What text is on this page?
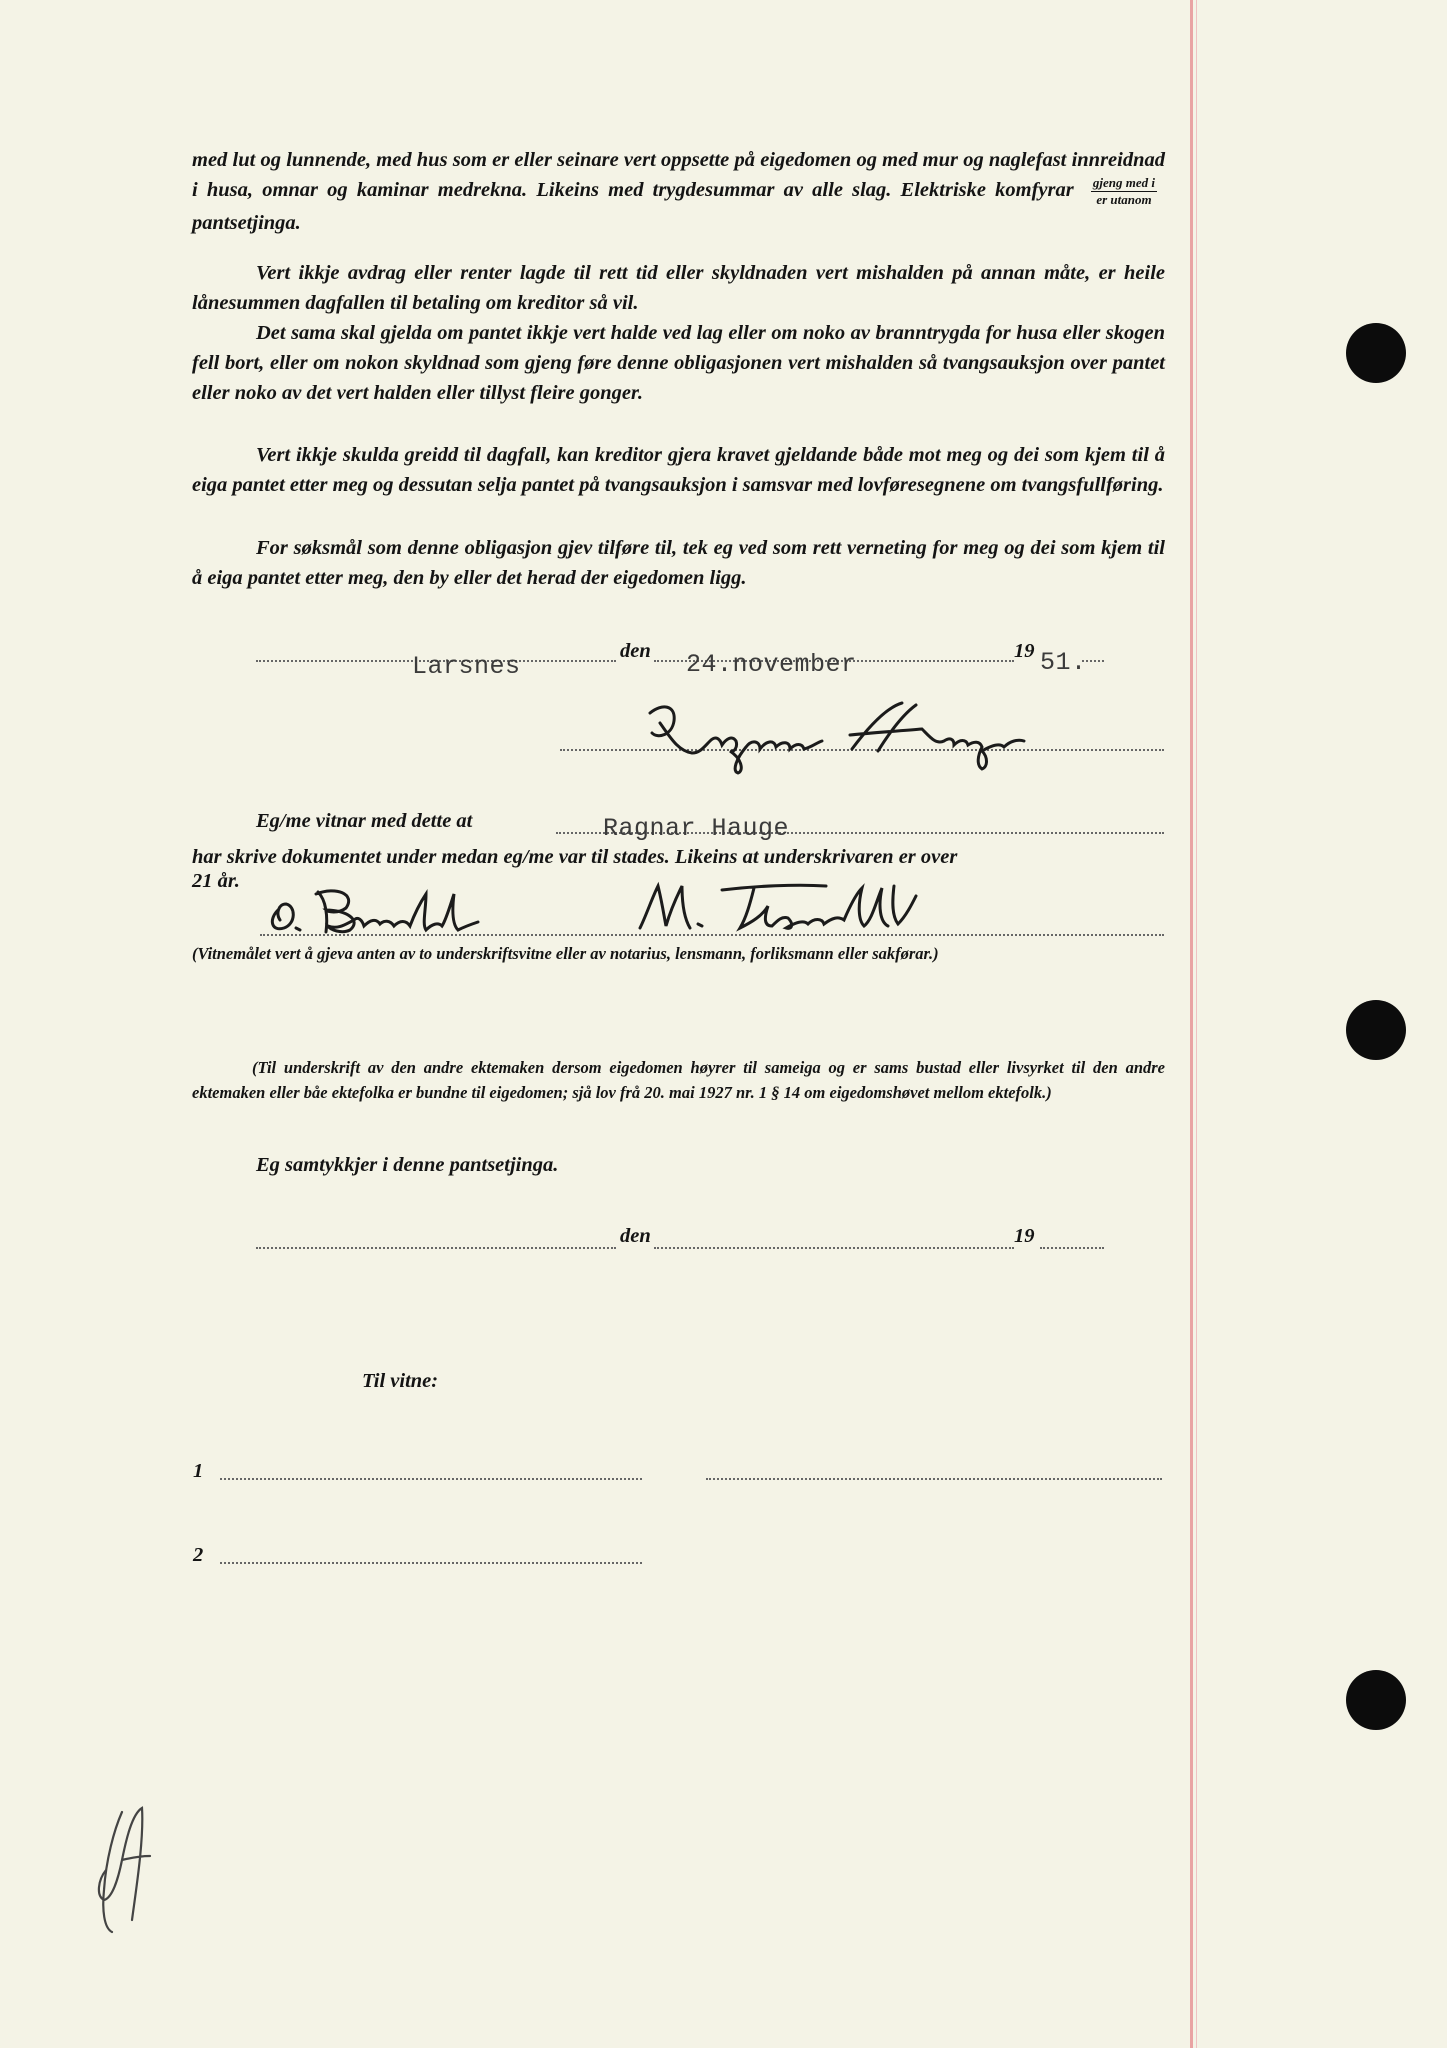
med lut og lunnende, med hus som er eller seinare vert oppsette på eigedomen og med mur og naglefast innreidnad i husa, omnar og kaminar medrekna. Likeins med trygdesummar av alle slag. Elektriske komfyrar $\frac{\text{gjeng med i}}{\text{er utanom}}$
pantsetjinga.

Vert ikkje avdrag eller renter lagde til rett tid eller skyldnaden vert mishalden på annan måte, er heile lånesummen dagfallen til betaling om kreditor så vil.

Det sama skal gjelda om pantet ikkje vert halde ved lag eller om noko av branntrygda for husa eller skogen fell bort, eller om nokon skyldnad som gjeng føre denne obligasjonen vert mishalden så tvangsauksjon over pantet eller noko av det vert halden eller tillyst fleire gonger.

Vert ikkje skulda greidd til dagfall, kan kreditor gjera kravet gjeldande både mot meg og dei som kjem til å eiga pantet etter meg og dessutan selja pantet på tvangsauksjon i samsvar med lovføresegnene om tvangsfullføring.

For søksmål som denne obligasjon gjev tilføre til, tek eg ved som rett verneting for meg og dei som kjem til å eiga pantet etter meg, den by eller det herad der eigedomen ligg.

Larsnes
den 24.november	19 51.
Eg/me vitnar med dette at	Ragnar Hauge

har skrive dokumentet under medan eg/me var til stades. Likeins at underskrivaren er over

21 år.

(Vitnemålet vert å gjeva anten av to underskriftsvitne eller av notarius, lensmann, forliksmann eller sakførar.)

(Til underskrift av den andre ektemaken dersom eigedomen høyrer til sameiga og er sams bustad eller livsyrket til den andre ektemaken eller båe ektefolka er bundne til eigedomen; sjå lov frå 20. mai 1927 nr. 1 § 14 om eigedomshøvet mellom ektefolk.)

Eg samtykkjer i denne pantsetjinga.
den	19
Til vitne:
1
2
